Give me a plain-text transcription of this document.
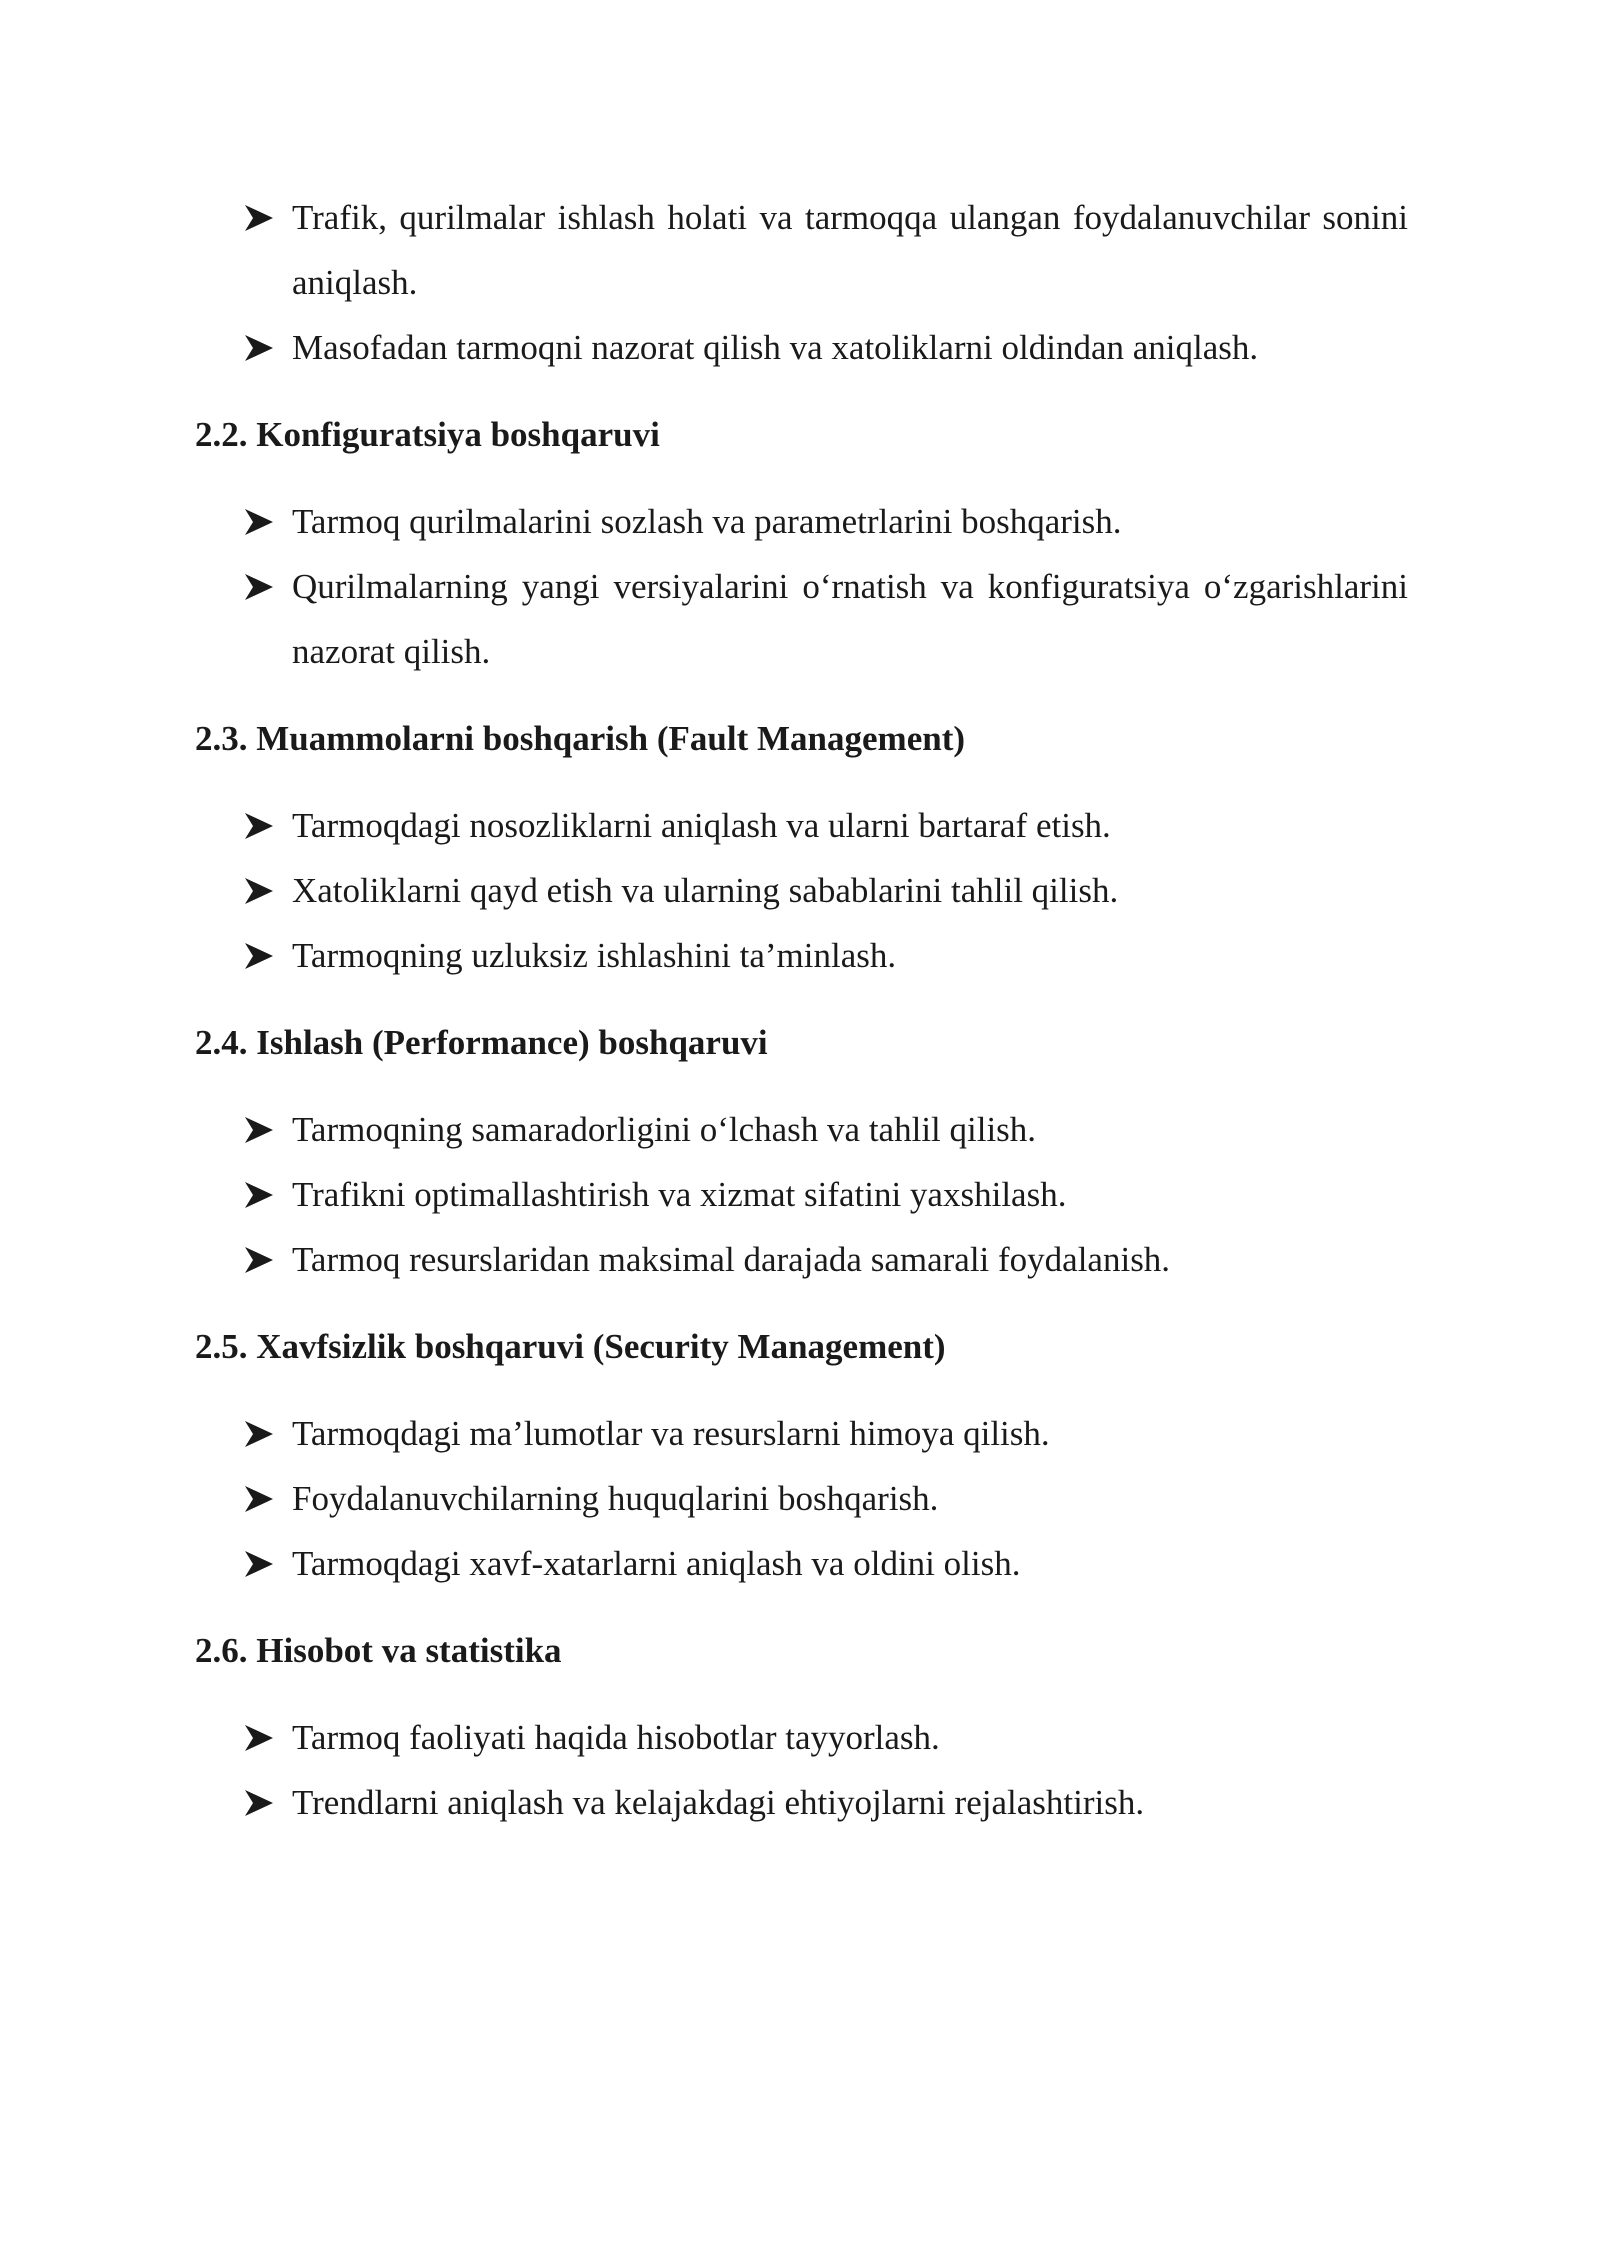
Trafik, qurilmalar ishlash holati va tarmoqqa ulangan foydalanuvchilar sonini aniqlash.
Masofadan tarmoqni nazorat qilish va xatoliklarni oldindan aniqlash.
2.2. Konfiguratsiya boshqaruvi
Tarmoq qurilmalarini sozlash va parametrlarini boshqarish.
Qurilmalarning yangi versiyalarini oʻrnatish va konfiguratsiya oʻzgarishlarini nazorat qilish.
2.3. Muammolarni boshqarish (Fault Management)
Tarmoqdagi nosozliklarni aniqlash va ularni bartaraf etish.
Xatoliklarni qayd etish va ularning sabablarini tahlil qilish.
Tarmoqning uzluksiz ishlashini ta’minlash.
2.4. Ishlash (Performance) boshqaruvi
Tarmoqning samaradorligini oʻlchash va tahlil qilish.
Trafikni optimallashtirish va xizmat sifatini yaxshilash.
Tarmoq resurslaridan maksimal darajada samarali foydalanish.
2.5. Xavfsizlik boshqaruvi (Security Management)
Tarmoqdagi ma’lumotlar va resurslarni himoya qilish.
Foydalanuvchilarning huquqlarini boshqarish.
Tarmoqdagi xavf-xatarlarni aniqlash va oldini olish.
2.6. Hisobot va statistika
Tarmoq faoliyati haqida hisobotlar tayyorlash.
Trendlarni aniqlash va kelajakdagi ehtiyojlarni rejalashtirish.
